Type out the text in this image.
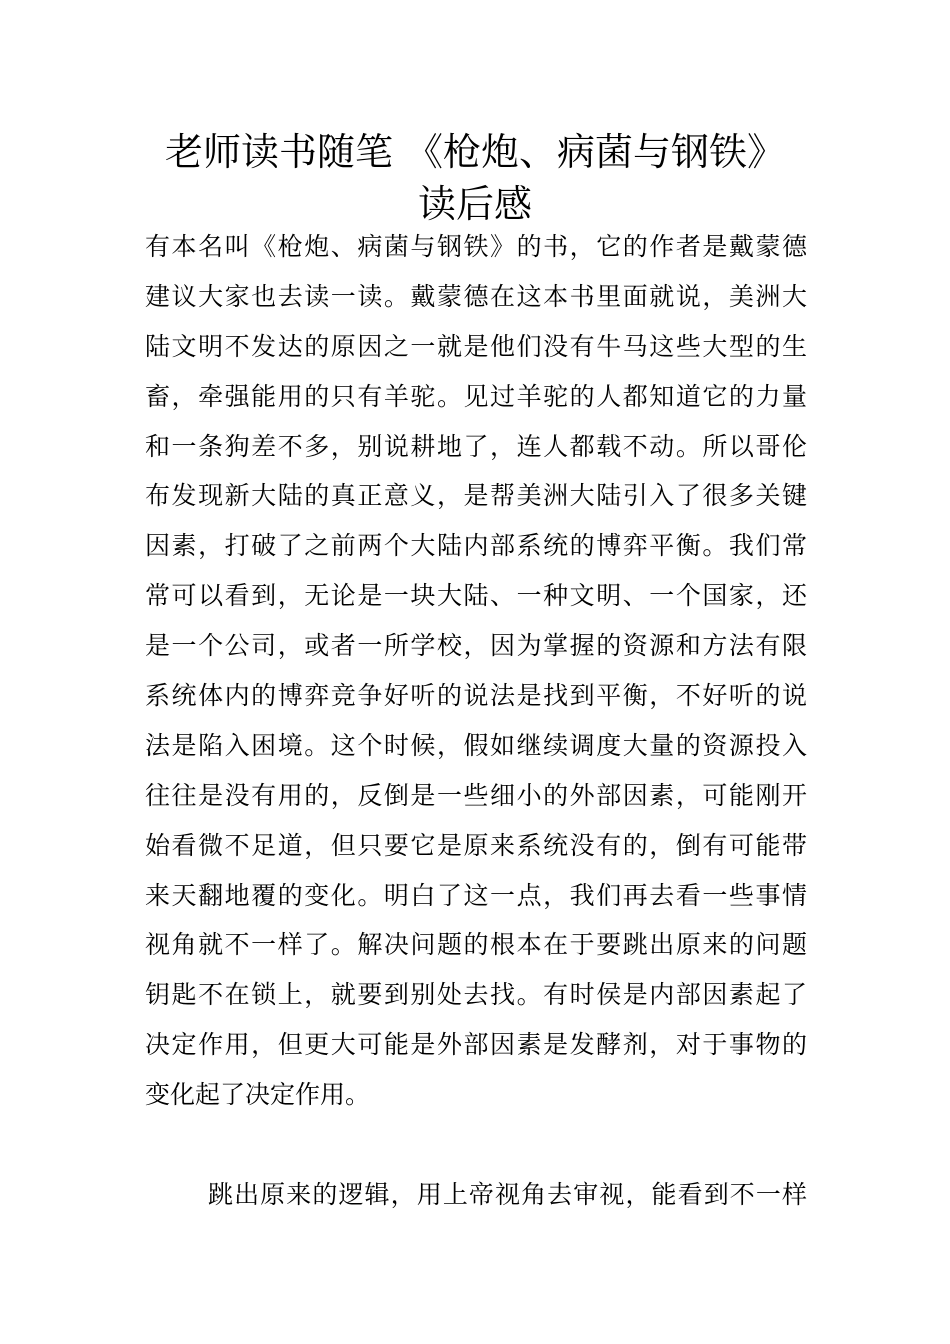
老师读书随笔 《枪炮、病菌与钢铁》
读后感
有本名叫《枪炮、病菌与钢铁》的书，它的作者是戴蒙德
建议大家也去读一读。戴蒙德在这本书里面就说，美洲大
陆文明不发达的原因之一就是他们没有牛马这些大型的生
畜，牵强能用的只有羊驼。见过羊驼的人都知道它的力量
和一条狗差不多，别说耕地了，连人都载不动。所以哥伦
布发现新大陆的真正意义，是帮美洲大陆引入了很多关键
因素，打破了之前两个大陆内部系统的博弈平衡。我们常
常可以看到，无论是一块大陆、一种文明、一个国家，还
是一个公司，或者一所学校，因为掌握的资源和方法有限
系统体内的博弈竞争好听的说法是找到平衡，不好听的说
法是陷入困境。这个时候，假如继续调度大量的资源投入
往往是没有用的，反倒是一些细小的外部因素，可能刚开
始看微不足道，但只要它是原来系统没有的，倒有可能带
来天翻地覆的变化。明白了这一点，我们再去看一些事情
视角就不一样了。解决问题的根本在于要跳出原来的问题
钥匙不在锁上，就要到别处去找。有时侯是内部因素起了
决定作用，但更大可能是外部因素是发酵剂，对于事物的
变化起了决定作用。
跳出原来的逻辑，用上帝视角去审视，能看到不一样
